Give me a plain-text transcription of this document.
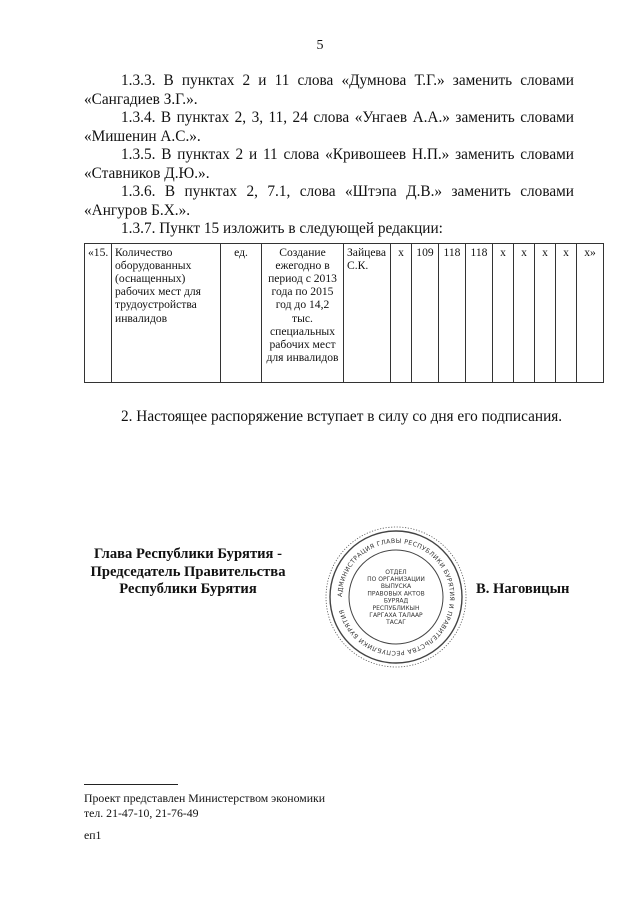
5

1.3.3. В пунктах 2 и 11 слова «Думнова Т.Г.» заменить словами «Сангадиев З.Г.».

1.3.4. В пунктах 2, 3, 11, 24 слова «Унгаев А.А.» заменить словами «Мишенин А.С.».

1.3.5. В пунктах 2 и 11 слова «Кривошеев Н.П.» заменить словами «Ставников Д.Ю.».

1.3.6. В пунктах 2, 7.1, слова «Штэпа Д.В.» заменить словами «Ангуров Б.Х.».

1.3.7. Пункт 15 изложить в следующей редакции:

«15.	Количество оборудованных (оснащенных) рабочих мест для трудоустройства инвалидов	ед.	Создание ежегодно в период с 2013 года по 2015 год до 14,2 тыс. специальных рабочих мест для инвалидов	Зайцева С.К.	x	109	118	118	x	x	x	x	x»

2. Настоящее распоряжение вступает в силу со дня его подписания.

Глава Республики Бурятия -
Председатель Правительства
Республики Бурятия	АДМИНИСТРАЦИЯ ГЛАВЫ РЕСПУБЛИКИ БУРЯТИЯ И ПРАВИТЕЛЬСТВА РЕСПУБЛИКИ БУРЯТИЯ
ОТДЕЛ
ПО ОРГАНИЗАЦИИ
ВЫПУСКА
ПРАВОВЫХ АКТОВ
БУРЯАД
РЕСПУБЛИКЫН
ГАРГАХА ТАЛААР
ТАСАГ
В. Наговицын
Проект представлен Министерством экономики
тел. 21-47-10, 21-76-49
еп1
